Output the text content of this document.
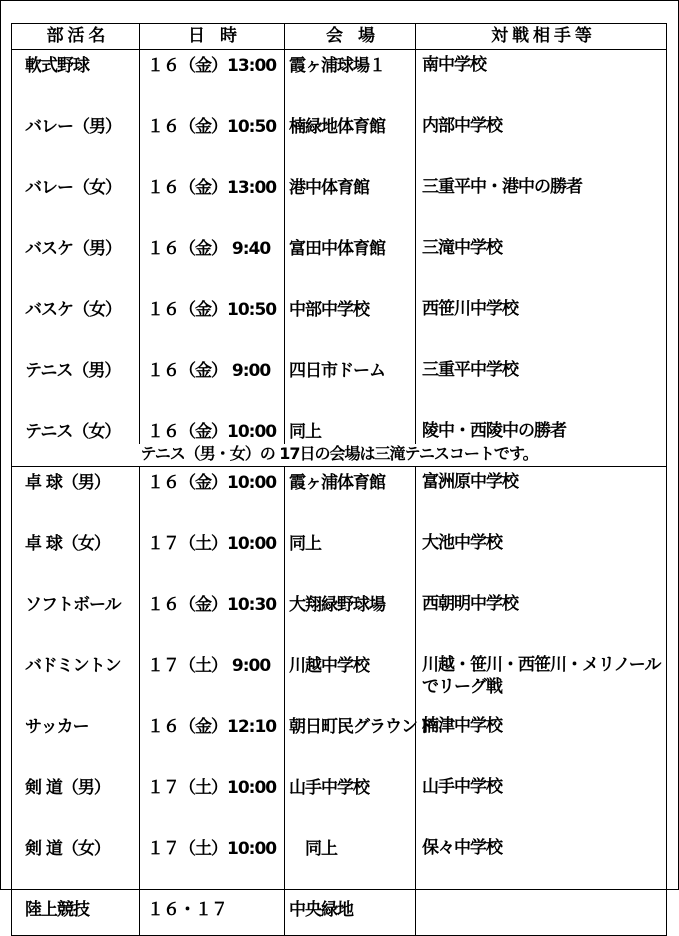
部 活 名	日　時	会　場	対 戦 相 手 等
軟式野球	１６（金）13:00	霞ヶ浦球場１	南中学校
バレー（男）	１６（金）10:50	楠緑地体育館	内部中学校
バレー（女）	１６（金）13:00	港中体育館	三重平中・港中の勝者
バスケ（男）	１６（金） 9:40	富田中体育館	三滝中学校
バスケ（女）	１６（金）10:50	中部中学校	西笹川中学校
テニス（男）	１６（金） 9:00	四日市ドーム	三重平中学校
テニス（女）	１６（金）10:00	同上	陵中・西陵中の勝者
テニス（男・女）の 17日の会場は三滝テニスコートです。			
卓 球（男）	１６（金）10:00	霞ヶ浦体育館	富洲原中学校
卓 球（女）	１７（土）10:00	同上	大池中学校
ソフトボール	１６（金）10:30	大翔緑野球場	西朝明中学校
バドミントン	１７（土） 9:00	川越中学校	川越・笹川・西笹川・メリノールでリーグ戦
サッカー	１６（金）12:10	朝日町民グラウンド	楠津中学校
剣 道（男）	１７（土）10:00	山手中学校	山手中学校
剣 道（女）	１７（土）10:00	　同上	保々中学校
陸上競技	１６・１７	中央緑地	
